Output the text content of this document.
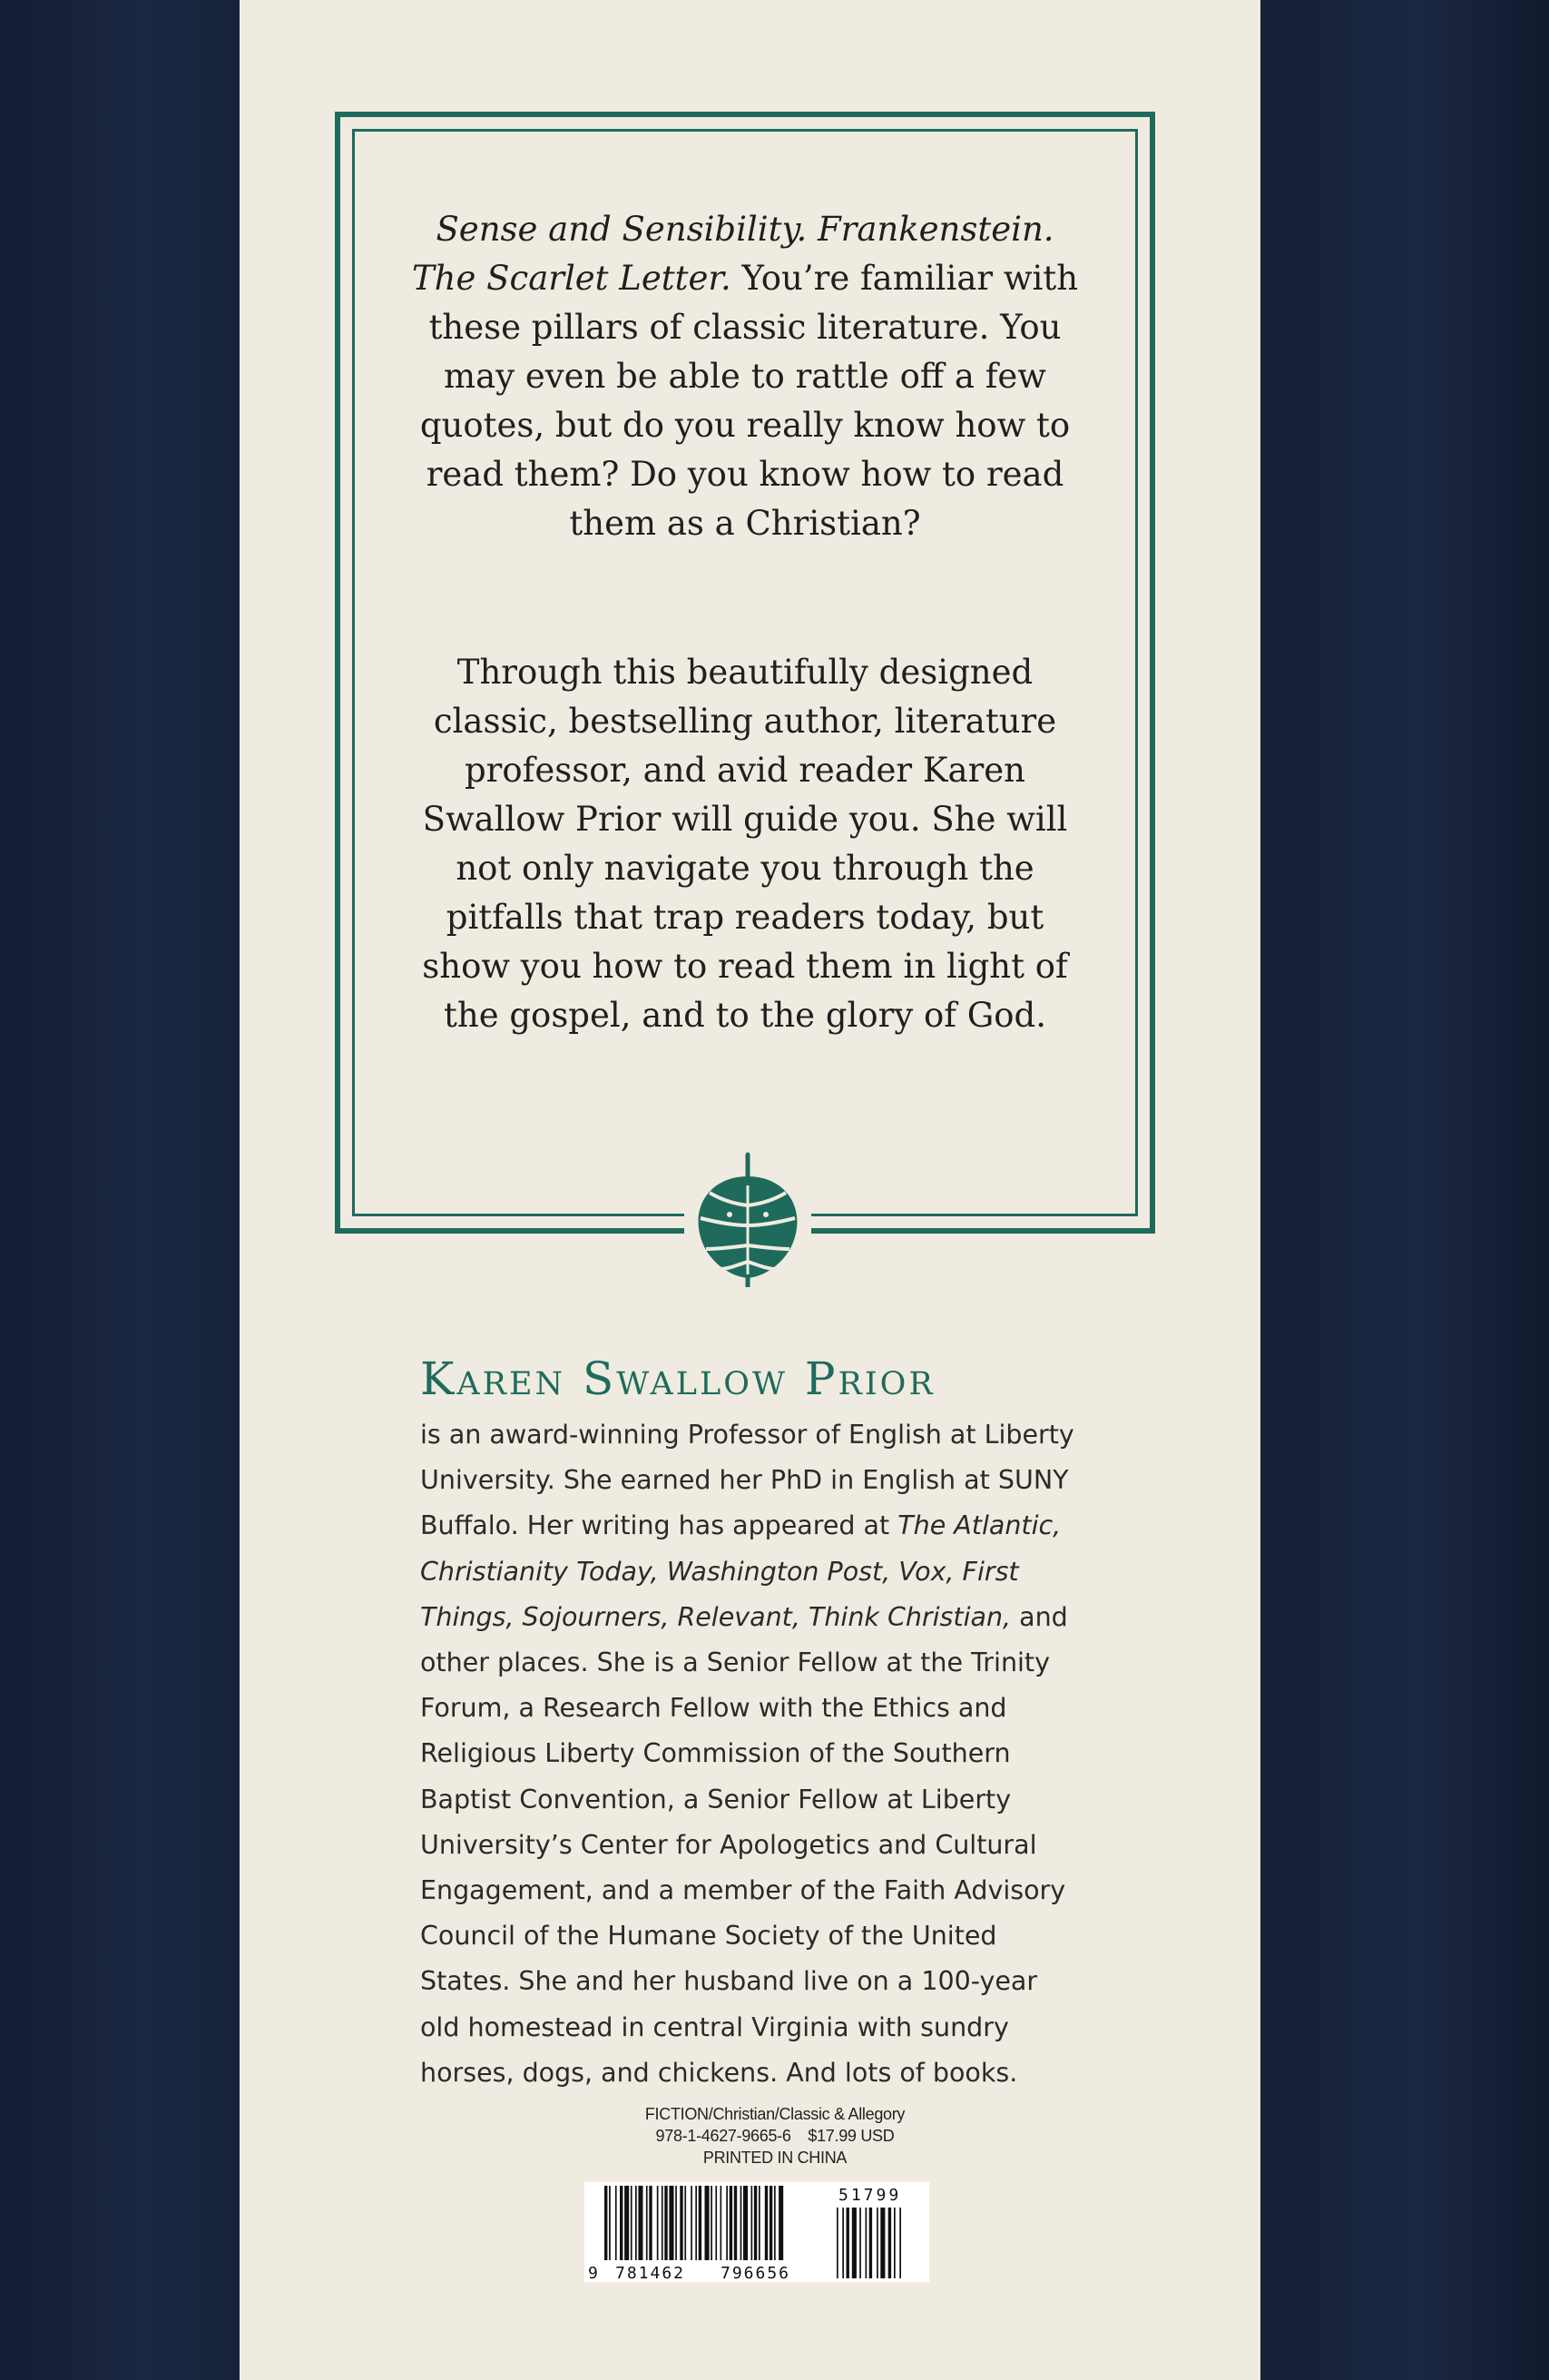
Sense and Sensibility. Frankenstein. The Scarlet Letter. You’re familiar with these pillars of classic literature. You may even be able to rattle off a few quotes, but do you really know how to read them? Do you know how to read them as a Christian?

Through this beautifully designed classic, bestselling author, literature professor, and avid reader Karen Swallow Prior will guide you. She will not only navigate you through the pitfalls that trap readers today, but show you how to read them in light of the gospel, and to the glory of God.

Karen Swallow Prior

is an award-winning Professor of English at Liberty University. She earned her PhD in English at SUNY Buffalo. Her writing has appeared at The Atlantic, Christianity Today, Washington Post, Vox, First Things, Sojourners, Relevant, Think Christian, and other places. She is a Senior Fellow at the Trinity Forum, a Research Fellow with the Ethics and Religious Liberty Commission of the Southern Baptist Convention, a Senior Fellow at Liberty University’s Center for Apologetics and Cultural Engagement, and a member of the Faith Advisory Council of the Humane Society of the United States. She and her husband live on a 100-year old homestead in central Virginia with sundry horses, dogs, and chickens. And lots of books.

FICTION/Christian/Classic & Allegory
978-1-4627-9665-6 $17.99 USD
PRINTED IN CHINA
9 781462 796656
51799
